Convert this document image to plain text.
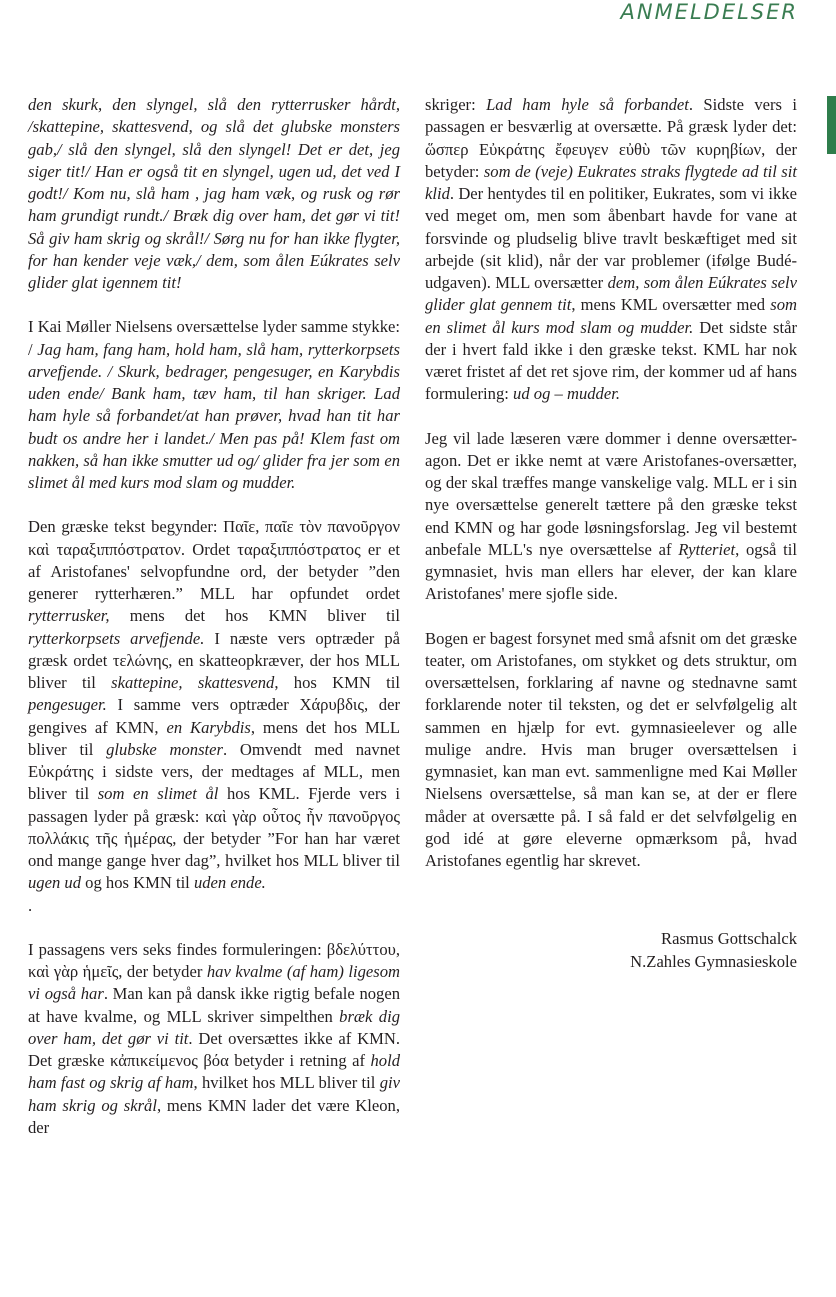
ANMELDELSER

den skurk, den slyngel, slå den rytterrusker hårdt, /skattepine, skattesvend, og slå det glubske monsters gab,/ slå den slyngel, slå den slyngel! Det er det, jeg siger tit!/ Han er også tit en slyngel, ugen ud, det ved I godt!/ Kom nu, slå ham , jag ham væk, og rusk og rør ham grundigt rundt./ Bræk dig over ham, det gør vi tit! Så giv ham skrig og skrål!/ Sørg nu for han ikke flygter, for han kender veje væk,/ dem, som ålen Eúkrates selv glider glat igennem tit!

I Kai Møller Nielsens oversættelse lyder samme stykke: / Jag ham, fang ham, hold ham, slå ham, rytterkorpsets arvefjende. / Skurk, bedrager, pengesuger, en Karybdis uden ende/ Bank ham, tæv ham, til han skriger. Lad ham hyle så forbandet/at han prøver, hvad han tit har budt os andre her i landet./ Men pas på! Klem fast om nakken, så han ikke smutter ud og/ glider fra jer som en slimet ål med kurs mod slam og mudder.

Den græske tekst begynder: Παῖε, παῖε τὸν πανοῦργον καὶ ταραξιππόστρατον. Ordet ταραξιππόστρατος er et af Aristofanes' selvopfundne ord, der betyder ”den generer rytterhæren.” MLL har opfundet ordet rytterrusker, mens det hos KMN bliver til rytterkorpsets arvefjende. I næste vers optræder på græsk ordet τελώνης, en skatteopkræver, der hos MLL bliver til skattepine, skattesvend, hos KMN til pengesuger. I samme vers optræder Χάρυβδις, der gengives af KMN, en Karybdis, mens det hos MLL bliver til glubske monster. Omvendt med navnet Εὐκράτης i sidste vers, der medtages af MLL, men bliver til som en slimet ål hos KML. Fjerde vers i passagen lyder på græsk: καὶ γὰρ οὗτος ἦν πανοῦργος πολλάκις τῆς ἡμέρας, der betyder ”For han har været ond mange gange hver dag”, hvilket hos MLL bliver til ugen ud og hos KMN til uden ende.

.

I passagens vers seks findes formuleringen: βδελύττου, καὶ γὰρ ἡμεῖς, der betyder hav kvalme (af ham) ligesom vi også har. Man kan på dansk ikke rigtig befale nogen at have kvalme, og MLL skriver simpelthen bræk dig over ham, det gør vi tit. Det oversættes ikke af KMN. Det græske κἀπικείμενος βόα betyder i retning af hold ham fast og skrig af ham, hvilket hos MLL bliver til giv ham skrig og skrål, mens KMN lader det være Kleon, der

skriger: Lad ham hyle så forbandet. Sidste vers i passagen er besværlig at oversætte. På græsk lyder det: ὥσπερ Εὐκράτης ἔφευγεν εὐθὺ τῶν κυρηβίων, der betyder: som de (veje) Eukrates straks flygtede ad til sit klid. Der hentydes til en politiker, Eukrates, som vi ikke ved meget om, men som åbenbart havde for vane at forsvinde og pludselig blive travlt beskæftiget med sit arbejde (sit klid), når der var problemer (ifølge Budé-udgaven). MLL oversætter dem, som ålen Eúkrates selv glider glat gennem tit, mens KML oversætter med som en slimet ål kurs mod slam og mudder. Det sidste står der i hvert fald ikke i den græske tekst. KML har nok været fristet af det ret sjove rim, der kommer ud af hans formulering: ud og – mudder.

Jeg vil lade læseren være dommer i denne oversætter-agon. Det er ikke nemt at være Aristofanes-oversætter, og der skal træffes mange vanskelige valg. MLL er i sin nye oversættelse generelt tættere på den græske tekst end KMN og har gode løsningsforslag. Jeg vil bestemt anbefale MLL's nye oversættelse af Rytteriet, også til gymnasiet, hvis man ellers har elever, der kan klare Aristofanes' mere sjofle side.

Bogen er bagest forsynet med små afsnit om det græske teater, om Aristofanes, om stykket og dets struktur, om oversættelsen, forklaring af navne og stednavne samt forklarende noter til teksten, og det er selvfølgelig alt sammen en hjælp for evt. gymnasieelever og alle mulige andre. Hvis man bruger oversættelsen i gymnasiet, kan man evt. sammenligne med Kai Møller Nielsens oversættelse, så man kan se, at der er flere måder at oversætte på. I så fald er det selvfølgelig en god idé at gøre eleverne opmærksom på, hvad Aristofanes egentlig har skrevet.

Rasmus Gottschalck
N.Zahles Gymnasieskole
